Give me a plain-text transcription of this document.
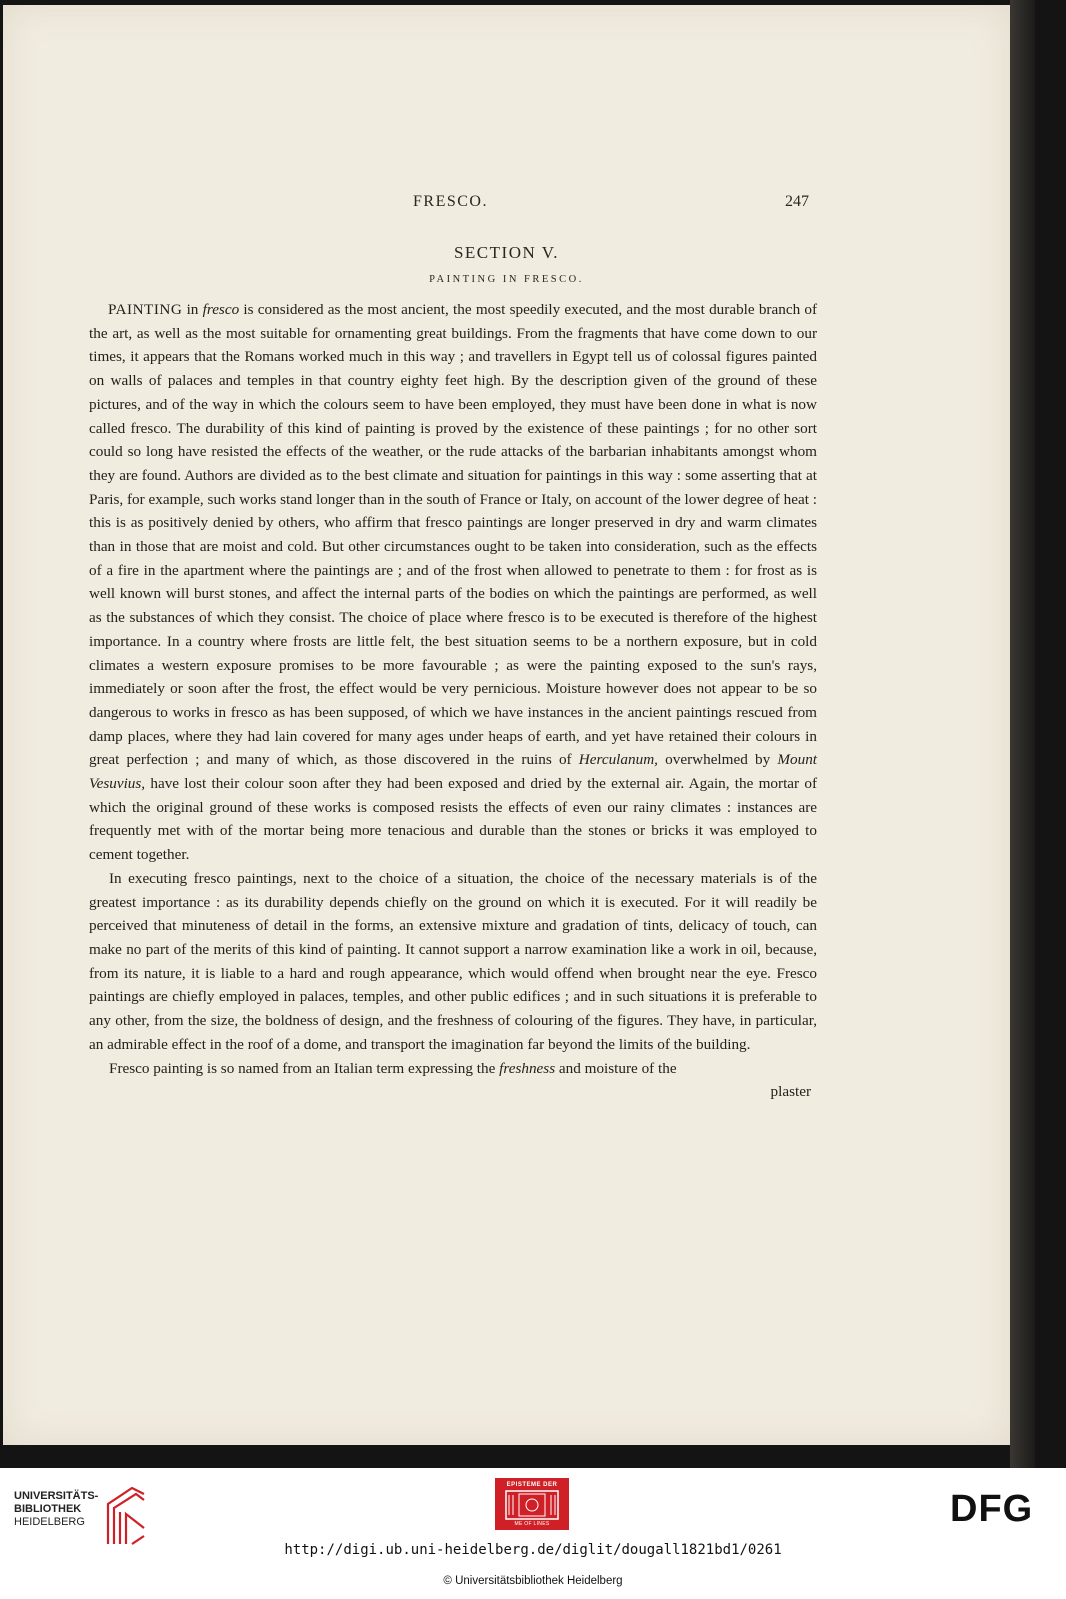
FRESCO.	247
SECTION V.
PAINTING IN FRESCO.

PAINTING in fresco is considered as the most ancient, the most speedily executed, and the most durable branch of the art, as well as the most suitable for ornamenting great buildings. From the fragments that have come down to our times, it appears that the Romans worked much in this way ; and travellers in Egypt tell us of colossal figures painted on walls of palaces and temples in that country eighty feet high. By the description given of the ground of these pictures, and of the way in which the colours seem to have been employed, they must have been done in what is now called fresco. The durability of this kind of painting is proved by the existence of these paintings ; for no other sort could so long have resisted the effects of the weather, or the rude attacks of the barbarian inhabitants amongst whom they are found. Authors are divided as to the best climate and situation for paintings in this way : some asserting that at Paris, for example, such works stand longer than in the south of France or Italy, on account of the lower degree of heat : this is as positively denied by others, who affirm that fresco paintings are longer preserved in dry and warm climates than in those that are moist and cold. But other circumstances ought to be taken into consideration, such as the effects of a fire in the apartment where the paintings are ; and of the frost when allowed to penetrate to them : for frost as is well known will burst stones, and affect the internal parts of the bodies on which the paintings are performed, as well as the substances of which they consist. The choice of place where fresco is to be executed is therefore of the highest importance. In a country where frosts are little felt, the best situation seems to be a northern exposure, but in cold climates a western exposure promises to be more favourable ; as were the painting exposed to the sun's rays, immediately or soon after the frost, the effect would be very pernicious. Moisture however does not appear to be so dangerous to works in fresco as has been supposed, of which we have instances in the ancient paintings rescued from damp places, where they had lain covered for many ages under heaps of earth, and yet have retained their colours in great perfection ; and many of which, as those discovered in the ruins of Herculanum, overwhelmed by Mount Vesuvius, have lost their colour soon after they had been exposed and dried by the external air. Again, the mortar of which the original ground of these works is composed resists the effects of even our rainy climates : instances are frequently met with of the mortar being more tenacious and durable than the stones or bricks it was employed to cement together.

In executing fresco paintings, next to the choice of a situation, the choice of the necessary materials is of the greatest importance : as its durability depends chiefly on the ground on which it is executed. For it will readily be perceived that minuteness of detail in the forms, an extensive mixture and gradation of tints, delicacy of touch, can make no part of the merits of this kind of painting. It cannot support a narrow examination like a work in oil, because, from its nature, it is liable to a hard and rough appearance, which would offend when brought near the eye. Fresco paintings are chiefly employed in palaces, temples, and other public edifices ; and in such situations it is preferable to any other, from the size, the boldness of design, and the freshness of colouring of the figures. They have, in particular, an admirable effect in the roof of a dome, and transport the imagination far beyond the limits of the building.

Fresco painting is so named from an Italian term expressing the freshness and moisture of the

plaster
UNIVERSITÄTS-
BIBLIOTHEK
HEIDELBERG
EPISTEME DER
ME OF LINES	DFG
http://digi.ub.uni-heidelberg.de/diglit/dougall1821bd1/0261
© Universitätsbibliothek Heidelberg
